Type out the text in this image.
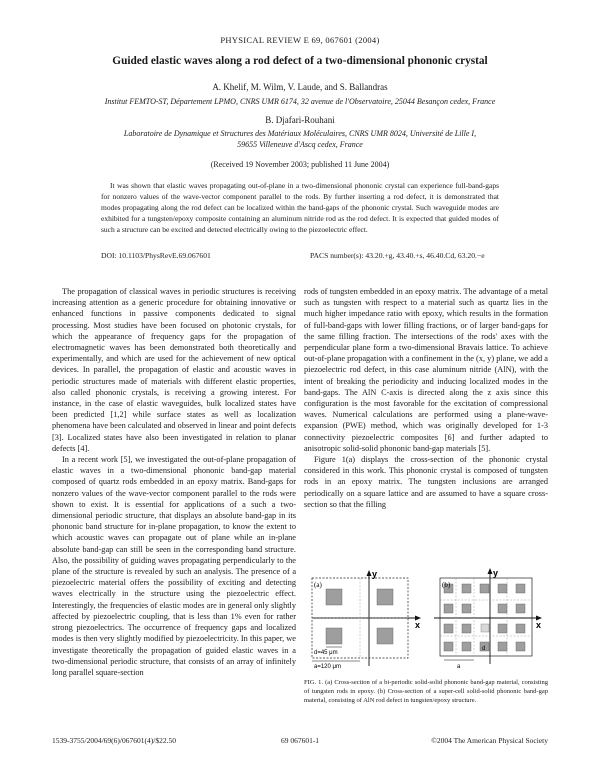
PHYSICAL REVIEW E 69, 067601 (2004)
Guided elastic waves along a rod defect of a two-dimensional phononic crystal
A. Khelif, M. Wilm, V. Laude, and S. Ballandras
Institut FEMTO-ST, Département LPMO, CNRS UMR 6174, 32 avenue de l'Observatoire, 25044 Besançon cedex, France
B. Djafari-Rouhani
Laboratoire de Dynamique et Structures des Matériaux Moléculaires, CNRS UMR 8024, Université de Lille I,
59655 Villeneuve d'Ascq cedex, France
(Received 19 November 2003; published 11 June 2004)

It was shown that elastic waves propagating out-of-plane in a two-dimensional phononic crystal can experience full-band-gaps for nonzero values of the wave-vector component parallel to the rods. By further inserting a rod defect, it is demonstrated that modes propagating along the rod defect can be localized within the band-gaps of the phononic crystal. Such waveguide modes are exhibited for a tungsten/epoxy composite containing an aluminum nitride rod as the rod defect. It is expected that guided modes of such a structure can be excited and detected electrically owing to the piezoelectric effect.

DOI: 10.1103/PhysRevE.69.067601	PACS number(s): 43.20.+g, 43.40.+s, 46.40.Cd, 63.20.−e

The propagation of classical waves in periodic structures is receiving increasing attention as a generic procedure for obtaining innovative or enhanced functions in passive components dedicated to signal processing. Most studies have been focused on photonic crystals, for which the appearance of frequency gaps for the propagation of electromagnetic waves has been demonstrated both theoretically and experimentally, and which are used for the achievement of new optical devices. In parallel, the propagation of elastic and acoustic waves in periodic structures made of materials with different elastic properties, also called phononic crystals, is receiving a growing interest. For instance, in the case of elastic waveguides, bulk localized states have been predicted [1,2] while surface states as well as localization phenomena have been calculated and observed in linear and point defects [3]. Localized states have also been investigated in relation to planar defects [4].

In a recent work [5], we investigated the out-of-plane propagation of elastic waves in a two-dimensional phononic band-gap material composed of quartz rods embedded in an epoxy matrix. Band-gaps for nonzero values of the wave-vector component parallel to the rods were shown to exist. It is essential for applications of a such a two-dimensional periodic structure, that displays an absolute band-gap in its phononic band structure for in-plane propagation, to know the extent to which acoustic waves can propagate out of plane while an in-plane absolute band-gap can still be seen in the corresponding band structure. Also, the possibility of guiding waves propagating perpendicularly to the plane of the structure is revealed by such an analysis. The presence of a piezoelectric material offers the possibility of exciting and detecting waves electrically in the structure using the piezoelectric effect. Interestingly, the frequencies of elastic modes are in general only slightly affected by piezoelectric coupling, that is less than 1% even for rather strong piezoelectrics. The occurrence of frequency gaps and localized modes is then very slightly modified by piezoelectricity. In this paper, we investigate theoretically the propagation of guided elastic waves in a two-dimensional periodic structure, that consists of an array of infinitely long parallel square-section

rods of tungsten embedded in an epoxy matrix. The advantage of a metal such as tungsten with respect to a material such as quartz lies in the much higher impedance ratio with epoxy, which results in the formation of full-band-gaps with lower filling fractions, or of larger band-gaps for the same filling fraction. The intersections of the rods' axes with the perpendicular plane form a two-dimensional Bravais lattice. To achieve out-of-plane propagation with a confinement in the (x, y) plane, we add a piezoelectric rod defect, in this case aluminum nitride (AlN), with the intent of breaking the periodicity and inducing localized modes in the band-gaps. The AlN C-axis is directed along the z axis since this configuration is the most favorable for the excitation of compressional waves. Numerical calculations are performed using a plane-wave-expansion (PWE) method, which was originally developed for 1-3 connectivity piezoelectric composites [6] and further adapted to anisotropic solid-solid phononic band-gap materials [5].

Figure 1(a) displays the cross-section of the phononic crystal considered in this work. This phononic crystal is composed of tungsten rods in an epoxy matrix. The tungsten inclusions are arranged periodically on a square lattice and are assumed to have a square cross-section so that the filling

(a)
y
x
d=45 μm
a=120 μm
(b)
y
x
d
a
FIG. 1. (a) Cross-section of a bi-periodic solid-solid phononic band-gap material, consisting of tungsten rods in epoxy. (b) Cross-section of a super-cell solid-solid phononic band-gap material, consisting of AlN rod defect in tungsten/epoxy structure.
1539-3755/2004/69(6)/067601(4)/$22.50	69 067601-1	©2004 The American Physical Society
